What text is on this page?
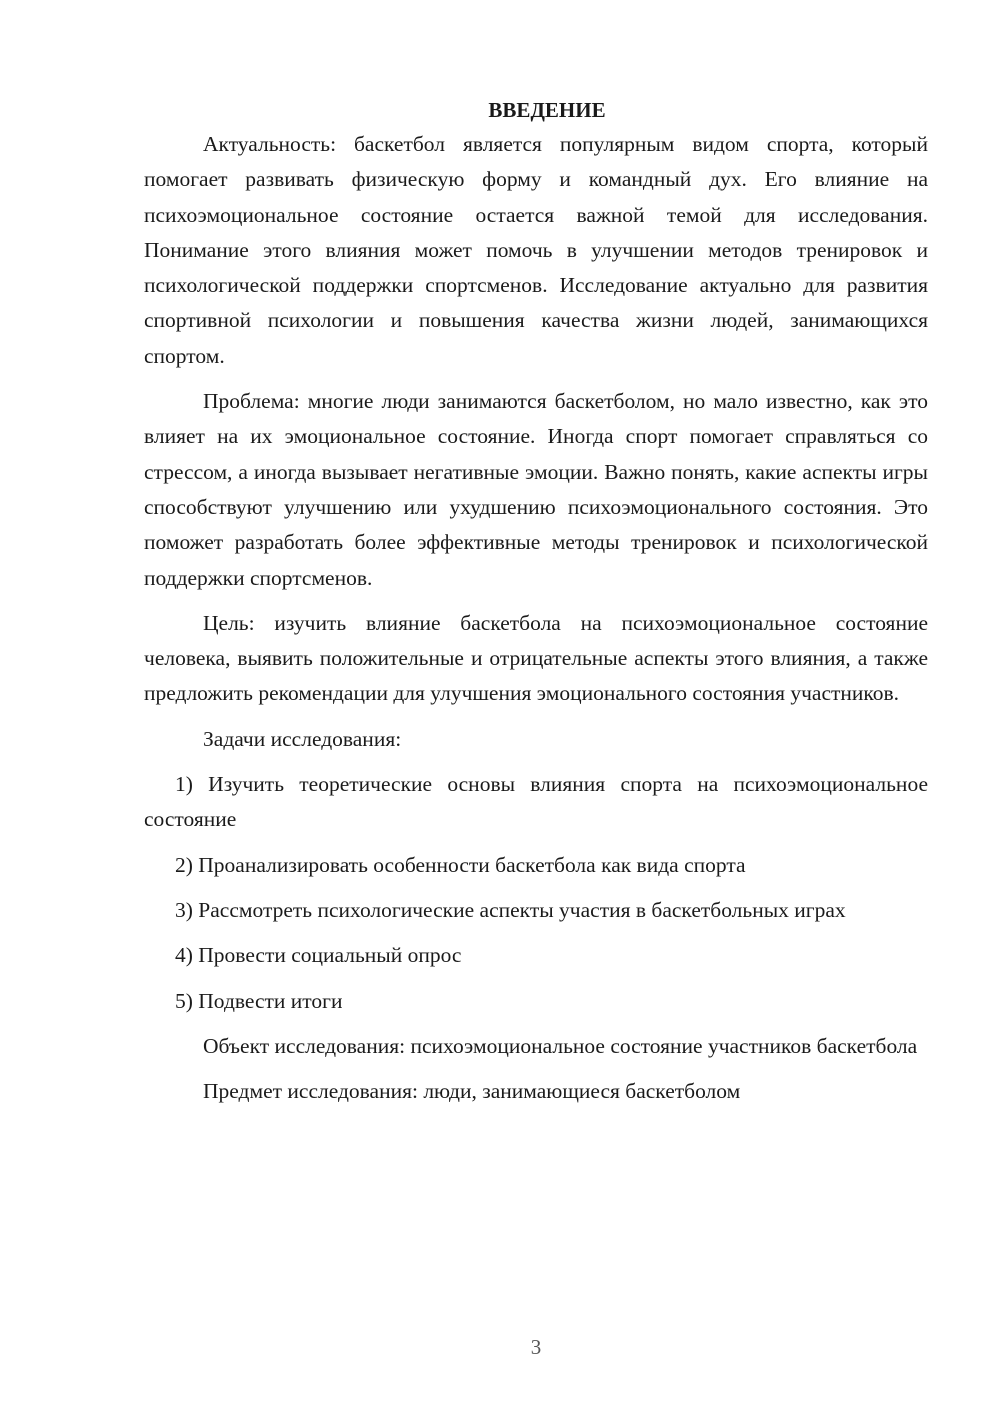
ВВЕДЕНИЕ

Актуальность: баскетбол является популярным видом спорта, который помогает развивать физическую форму и командный дух. Его влияние на психоэмоциональное состояние остается важной темой для исследования. Понимание этого влияния может помочь в улучшении методов тренировок и психологической поддержки спортсменов. Исследование актуально для развития спортивной психологии и повышения качества жизни людей, занимающихся спортом.

Проблема: многие люди занимаются баскетболом, но мало известно, как это влияет на их эмоциональное состояние. Иногда спорт помогает справляться со стрессом, а иногда вызывает негативные эмоции. Важно понять, какие аспекты игры способствуют улучшению или ухудшению психоэмоционального состояния. Это поможет разработать более эффективные методы тренировок и психологической поддержки спортсменов.

Цель: изучить влияние баскетбола на психоэмоциональное состояние человека, выявить положительные и отрицательные аспекты этого влияния, а также предложить рекомендации для улучшения эмоционального состояния участников.

Задачи исследования:

1) Изучить теоретические основы влияния спорта на психоэмоциональное состояние

2) Проанализировать особенности баскетбола как вида спорта

3) Рассмотреть психологические аспекты участия в баскетбольных играх

4) Провести социальный опрос

5) Подвести итоги

Объект исследования: психоэмоциональное состояние участников баскетбола

Предмет исследования: люди, занимающиеся баскетболом

3
